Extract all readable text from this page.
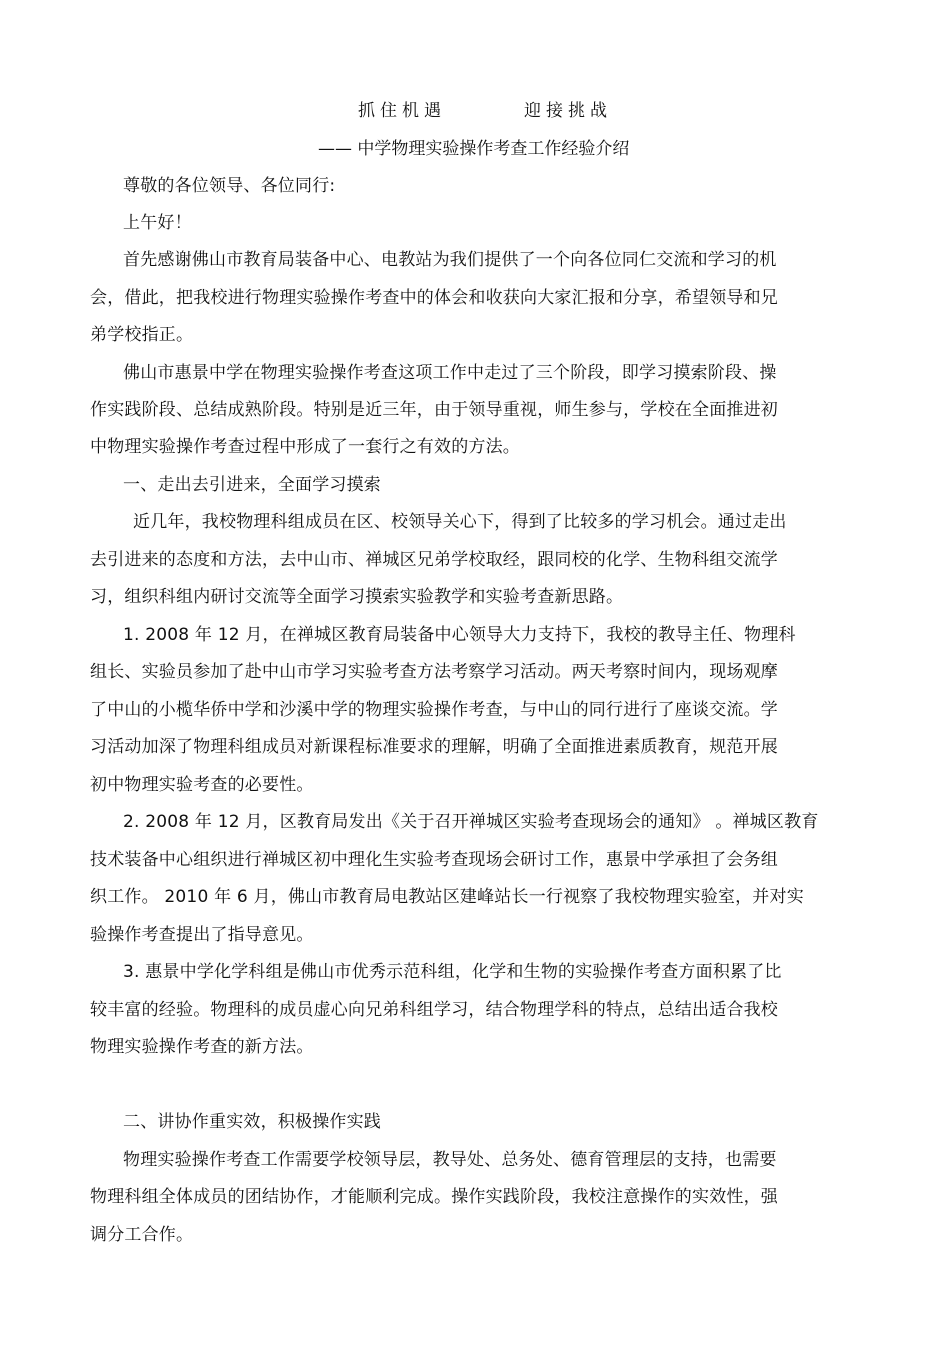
抓住机遇	迎接挑战
—— 中学物理实验操作考查工作经验介绍
尊敬的各位领导、各位同行:
上午好！
首先感谢佛山市教育局装备中心、电教站为我们提供了一个向各位同仁交流和学习的机
会，借此，把我校进行物理实验操作考查中的体会和收获向大家汇报和分享，希望领导和兄
弟学校指正。
佛山市惠景中学在物理实验操作考查这项工作中走过了三个阶段，即学习摸索阶段、操
作实践阶段、总结成熟阶段。特别是近三年，由于领导重视，师生参与，学校在全面推进初
中物理实验操作考查过程中形成了一套行之有效的方法。
一、走出去引进来，全面学习摸索
近几年，我校物理科组成员在区、校领导关心下，得到了比较多的学习机会。通过走出
去引进来的态度和方法，去中山市、禅城区兄弟学校取经，跟同校的化学、生物科组交流学
习，组织科组内研讨交流等全面学习摸索实验教学和实验考查新思路。
1. 2008 年 12 月，在禅城区教育局装备中心领导大力支持下，我校的教导主任、物理科
组长、实验员参加了赴中山市学习实验考查方法考察学习活动。两天考察时间内，现场观摩
了中山的小榄华侨中学和沙溪中学的物理实验操作考查，与中山的同行进行了座谈交流。学
习活动加深了物理科组成员对新课程标准要求的理解，明确了全面推进素质教育，规范开展
初中物理实验考查的必要性。
2. 2008 年 12 月，区教育局发出《关于召开禅城区实验考查现场会的通知》 。禅城区教育
技术装备中心组织进行禅城区初中理化生实验考查现场会研讨工作，惠景中学承担了会务组
织工作。 2010 年 6 月，佛山市教育局电教站区建峰站长一行视察了我校物理实验室，并对实
验操作考查提出了指导意见。
3. 惠景中学化学科组是佛山市优秀示范科组，化学和生物的实验操作考查方面积累了比
较丰富的经验。物理科的成员虚心向兄弟科组学习，结合物理学科的特点，总结出适合我校
物理实验操作考查的新方法。
二、讲协作重实效，积极操作实践
物理实验操作考查工作需要学校领导层，教导处、总务处、德育管理层的支持，也需要
物理科组全体成员的团结协作，才能顺利完成。操作实践阶段，我校注意操作的实效性，强
调分工合作。
